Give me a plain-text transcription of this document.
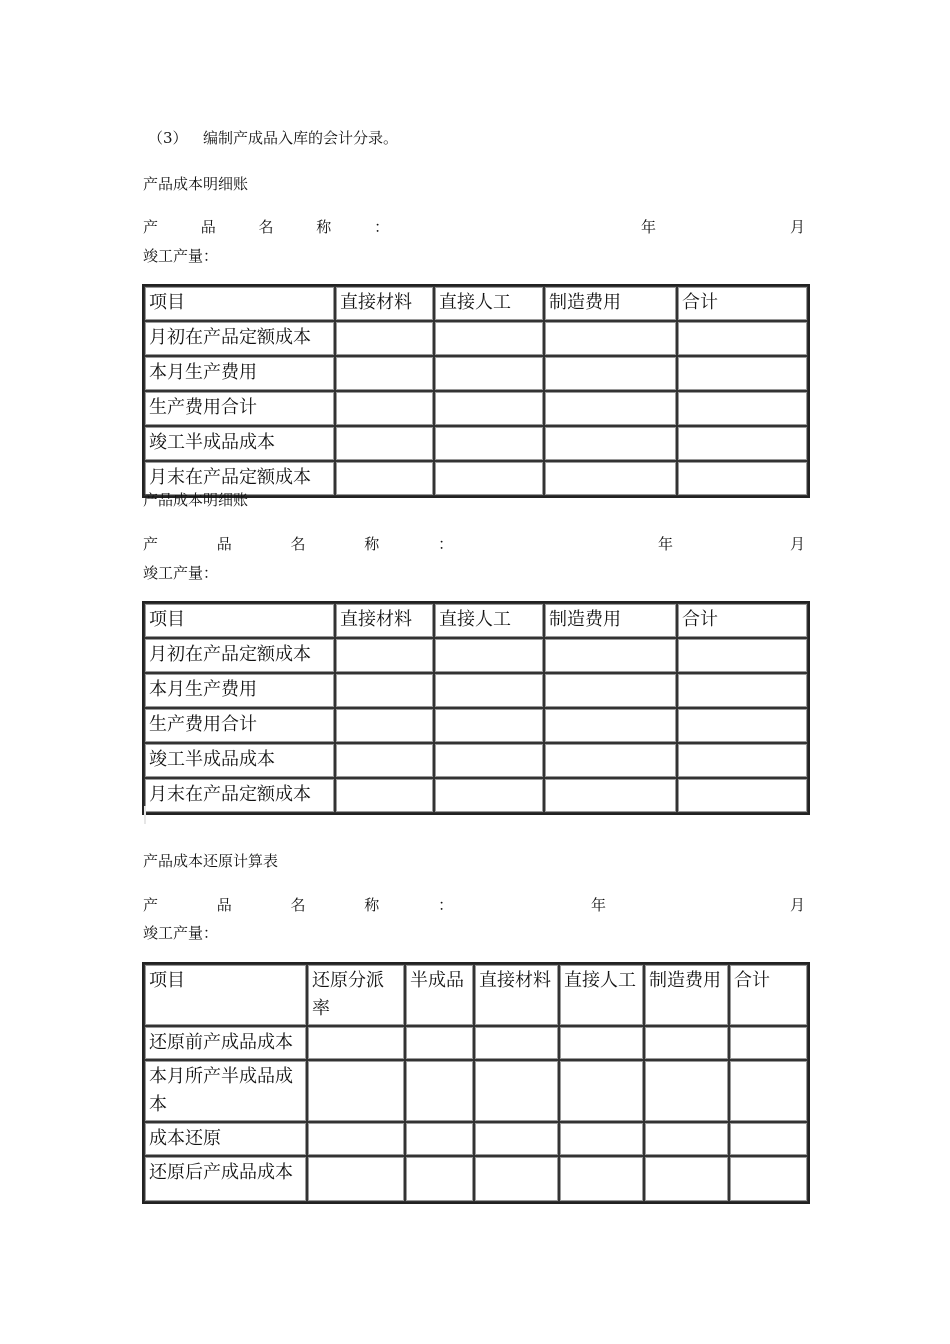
（3） 编制产成品入库的会计分录。
产品成本明细账
产 品 名 称 ：	年	月
竣工产量：
项目	直接材料	直接人工	制造费用	合计
月初在产品定额成本				
本月生产费用				
生产费用合计				
竣工半成品成本				
月末在产品定额成本				
产品成本明细账
产 品 名 称 ：	年	月
竣工产量：
项目	直接材料	直接人工	制造费用	合计
月初在产品定额成本				
本月生产费用				
生产费用合计				
竣工半成品成本				
月末在产品定额成本				
产品成本还原计算表
产 品 名 称 ：	年	月
竣工产量：
项目	还原分派率	半成品	直接材料	直接人工	制造费用	合计
还原前产成品成本						
本月所产半成品成本						
成本还原						
还原后产成品成本						
